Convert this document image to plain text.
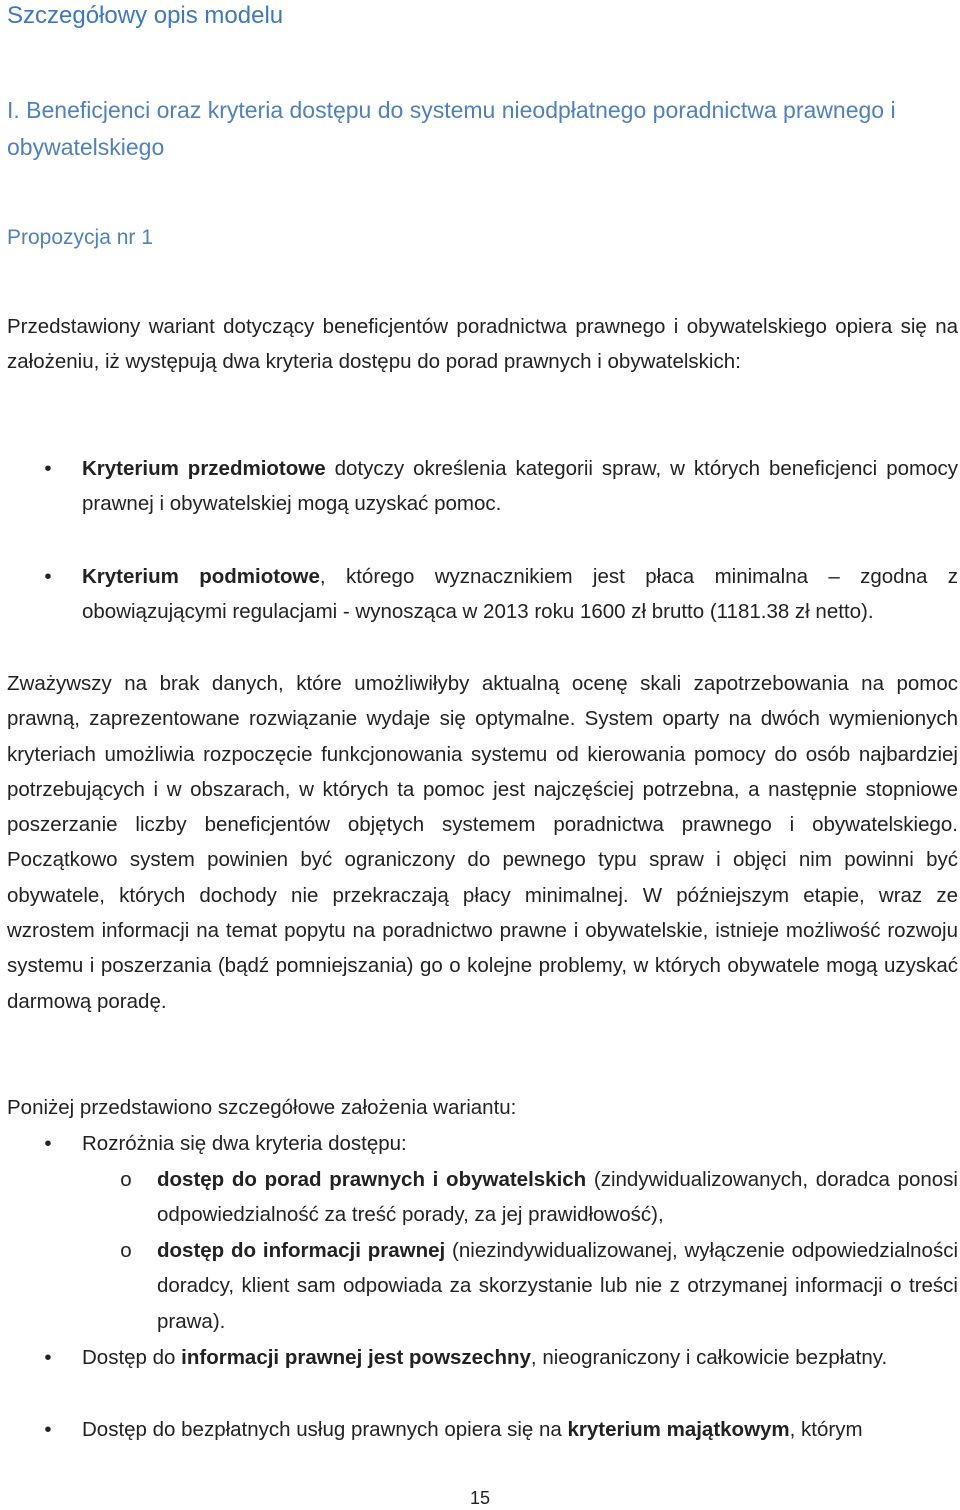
Szczegółowy opis modelu
I. Beneficjenci oraz kryteria dostępu do systemu nieodpłatnego poradnictwa prawnego i obywatelskiego
Propozycja nr 1

Przedstawiony wariant dotyczący beneficjentów poradnictwa prawnego i obywatelskiego opiera się na założeniu, iż występują dwa kryteria dostępu do porad prawnych i obywatelskich:

• Kryterium przedmiotowe dotyczy określenia kategorii spraw, w których beneficjenci pomocy prawnej i obywatelskiej mogą uzyskać pomoc.
• Kryterium podmiotowe, którego wyznacznikiem jest płaca minimalna – zgodna z obowiązującymi regulacjami - wynosząca w 2013 roku 1600 zł brutto (1181.38 zł netto).

Zważywszy na brak danych, które umożliwiłyby aktualną ocenę skali zapotrzebowania na pomoc prawną, zaprezentowane rozwiązanie wydaje się optymalne. System oparty na dwóch wymienionych kryteriach umożliwia rozpoczęcie funkcjonowania systemu od kierowania pomocy do osób najbardziej potrzebujących i w obszarach, w których ta pomoc jest najczęściej potrzebna, a następnie stopniowe poszerzanie liczby beneficjentów objętych systemem poradnictwa prawnego i obywatelskiego. Początkowo system powinien być ograniczony do pewnego typu spraw i objęci nim powinni być obywatele, których dochody nie przekraczają płacy minimalnej. W późniejszym etapie, wraz ze wzrostem informacji na temat popytu na poradnictwo prawne i obywatelskie, istnieje możliwość rozwoju systemu i poszerzania (bądź pomniejszania) go o kolejne problemy, w których obywatele mogą uzyskać darmową poradę.

Poniżej przedstawiono szczegółowe założenia wariantu:

• Rozróżnia się dwa kryteria dostępu:
o dostęp do porad prawnych i obywatelskich (zindywidualizowanych, doradca ponosi odpowiedzialność za treść porady, za jej prawidłowość),
o dostęp do informacji prawnej (niezindywidualizowanej, wyłączenie odpowiedzialności doradcy, klient sam odpowiada za skorzystanie lub nie z otrzymanej informacji o treści prawa).
• Dostęp do informacji prawnej jest powszechny, nieograniczony i całkowicie bezpłatny.
• Dostęp do bezpłatnych usług prawnych opiera się na kryterium majątkowym, którym
15
